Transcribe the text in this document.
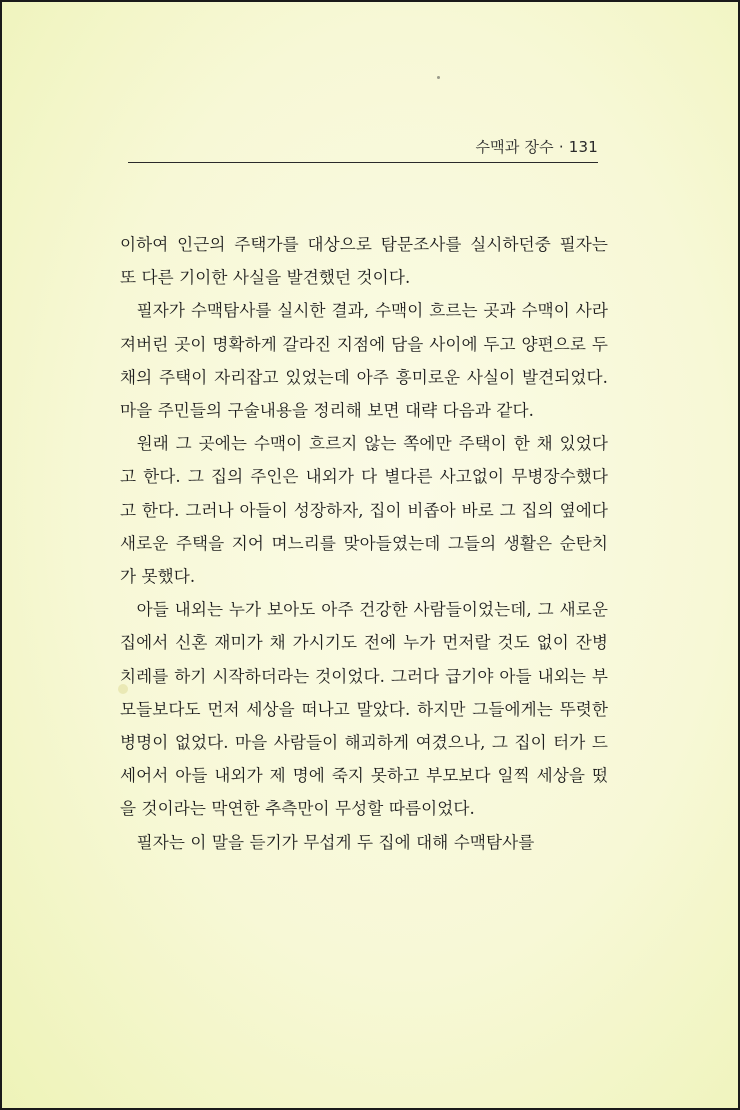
수맥과 장수 · 131

이하여 인근의 주택가를 대상으로 탐문조사를 실시하던중 필자는 또 다른 기이한 사실을 발견했던 것이다.

필자가 수맥탐사를 실시한 결과, 수맥이 흐르는 곳과 수맥이 사라져버린 곳이 명확하게 갈라진 지점에 담을 사이에 두고 양편으로 두 채의 주택이 자리잡고 있었는데 아주 흥미로운 사실이 발견되었다. 마을 주민들의 구술내용을 정리해 보면 대략 다음과 같다.

원래 그 곳에는 수맥이 흐르지 않는 쪽에만 주택이 한 채 있었다고 한다. 그 집의 주인은 내외가 다 별다른 사고없이 무병장수했다고 한다. 그러나 아들이 성장하자, 집이 비좁아 바로 그 집의 옆에다 새로운 주택을 지어 며느리를 맞아들였는데 그들의 생활은 순탄치가 못했다.

아들 내외는 누가 보아도 아주 건강한 사람들이었는데, 그 새로운 집에서 신혼 재미가 채 가시기도 전에 누가 먼저랄 것도 없이 잔병치레를 하기 시작하더라는 것이었다. 그러다 급기야 아들 내외는 부모들보다도 먼저 세상을 떠나고 말았다. 하지만 그들에게는 뚜렷한 병명이 없었다. 마을 사람들이 해괴하게 여겼으나, 그 집이 터가 드세어서 아들 내외가 제 명에 죽지 못하고 부모보다 일찍 세상을 떴을 것이라는 막연한 추측만이 무성할 따름이었다.

필자는 이 말을 듣기가 무섭게 두 집에 대해 수맥탐사를
